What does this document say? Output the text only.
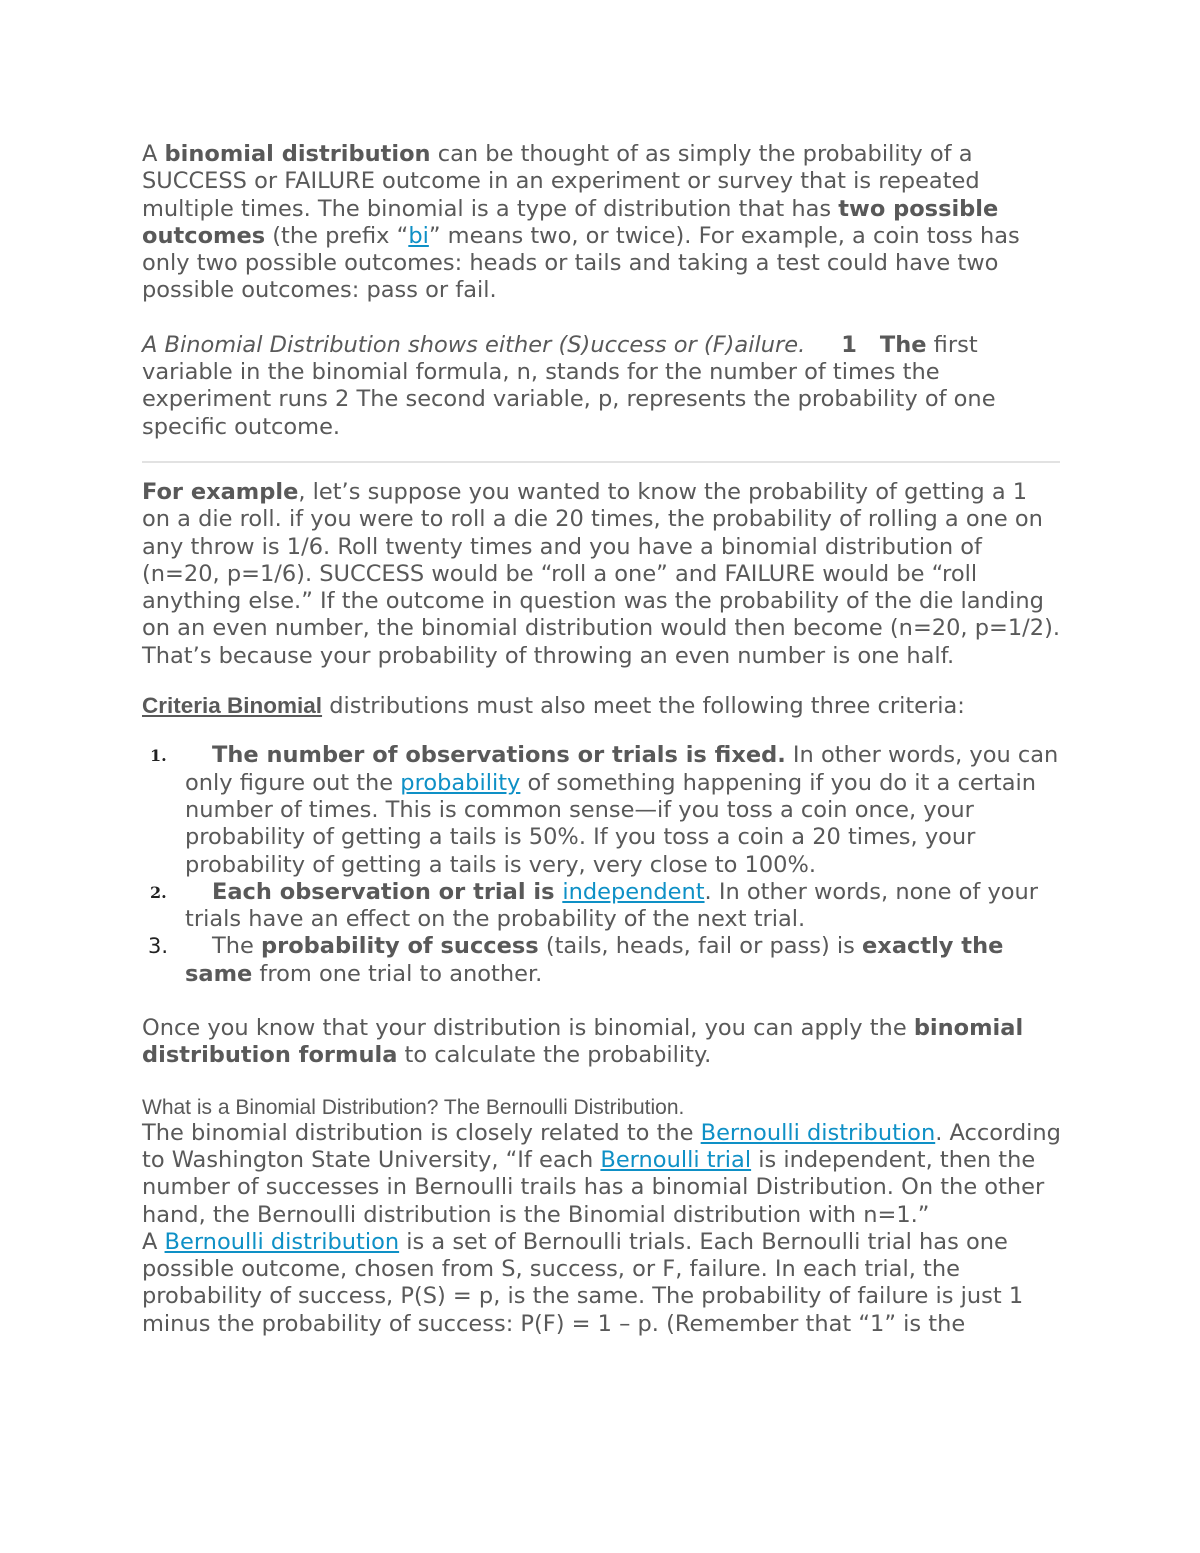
A binomial distribution can be thought of as simply the probability of a SUCCESS or FAILURE outcome in an experiment or survey that is repeated multiple times. The binomial is a type of distribution that has two possible outcomes (the prefix “bi” means two, or twice). For example, a coin toss has only two possible outcomes: heads or tails and taking a test could have two possible outcomes: pass or fail.

A Binomial Distribution shows either (S)uccess or (F)ailure. 1 The first variable in the binomial formula, n, stands for the number of times the experiment runs 2 The second variable, p, represents the probability of one specific outcome.

For example, let’s suppose you wanted to know the probability of getting a 1 on a die roll. if you were to roll a die 20 times, the probability of rolling a one on any throw is 1/6. Roll twenty times and you have a binomial distribution of (n=20, p=1/6). SUCCESS would be “roll a one” and FAILURE would be “roll anything else.” If the outcome in question was the probability of the die landing on an even number, the binomial distribution would then become (n=20, p=1/2). That’s because your probability of throwing an even number is one half.

Criteria Binomial distributions must also meet the following three criteria:

1. The number of observations or trials is fixed. In other words, you can only figure out the probability of something happening if you do it a certain number of times. This is common sense—if you toss a coin once, your probability of getting a tails is 50%. If you toss a coin a 20 times, your probability of getting a tails is very, very close to 100%.
2. Each observation or trial is independent. In other words, none of your trials have an effect on the probability of the next trial.
3. The probability of success (tails, heads, fail or pass) is exactly the same from one trial to another.

Once you know that your distribution is binomial, you can apply the binomial distribution formula to calculate the probability.

What is a Binomial Distribution? The Bernoulli Distribution.

The binomial distribution is closely related to the Bernoulli distribution. According to Washington State University, “If each Bernoulli trial is independent, then the number of successes in Bernoulli trails has a binomial Distribution. On the other hand, the Bernoulli distribution is the Binomial distribution with n=1.”

A Bernoulli distribution is a set of Bernoulli trials. Each Bernoulli trial has one possible outcome, chosen from S, success, or F, failure. In each trial, the probability of success, P(S) = p, is the same. The probability of failure is just 1 minus the probability of success: P(F) = 1 – p. (Remember that “1” is the
